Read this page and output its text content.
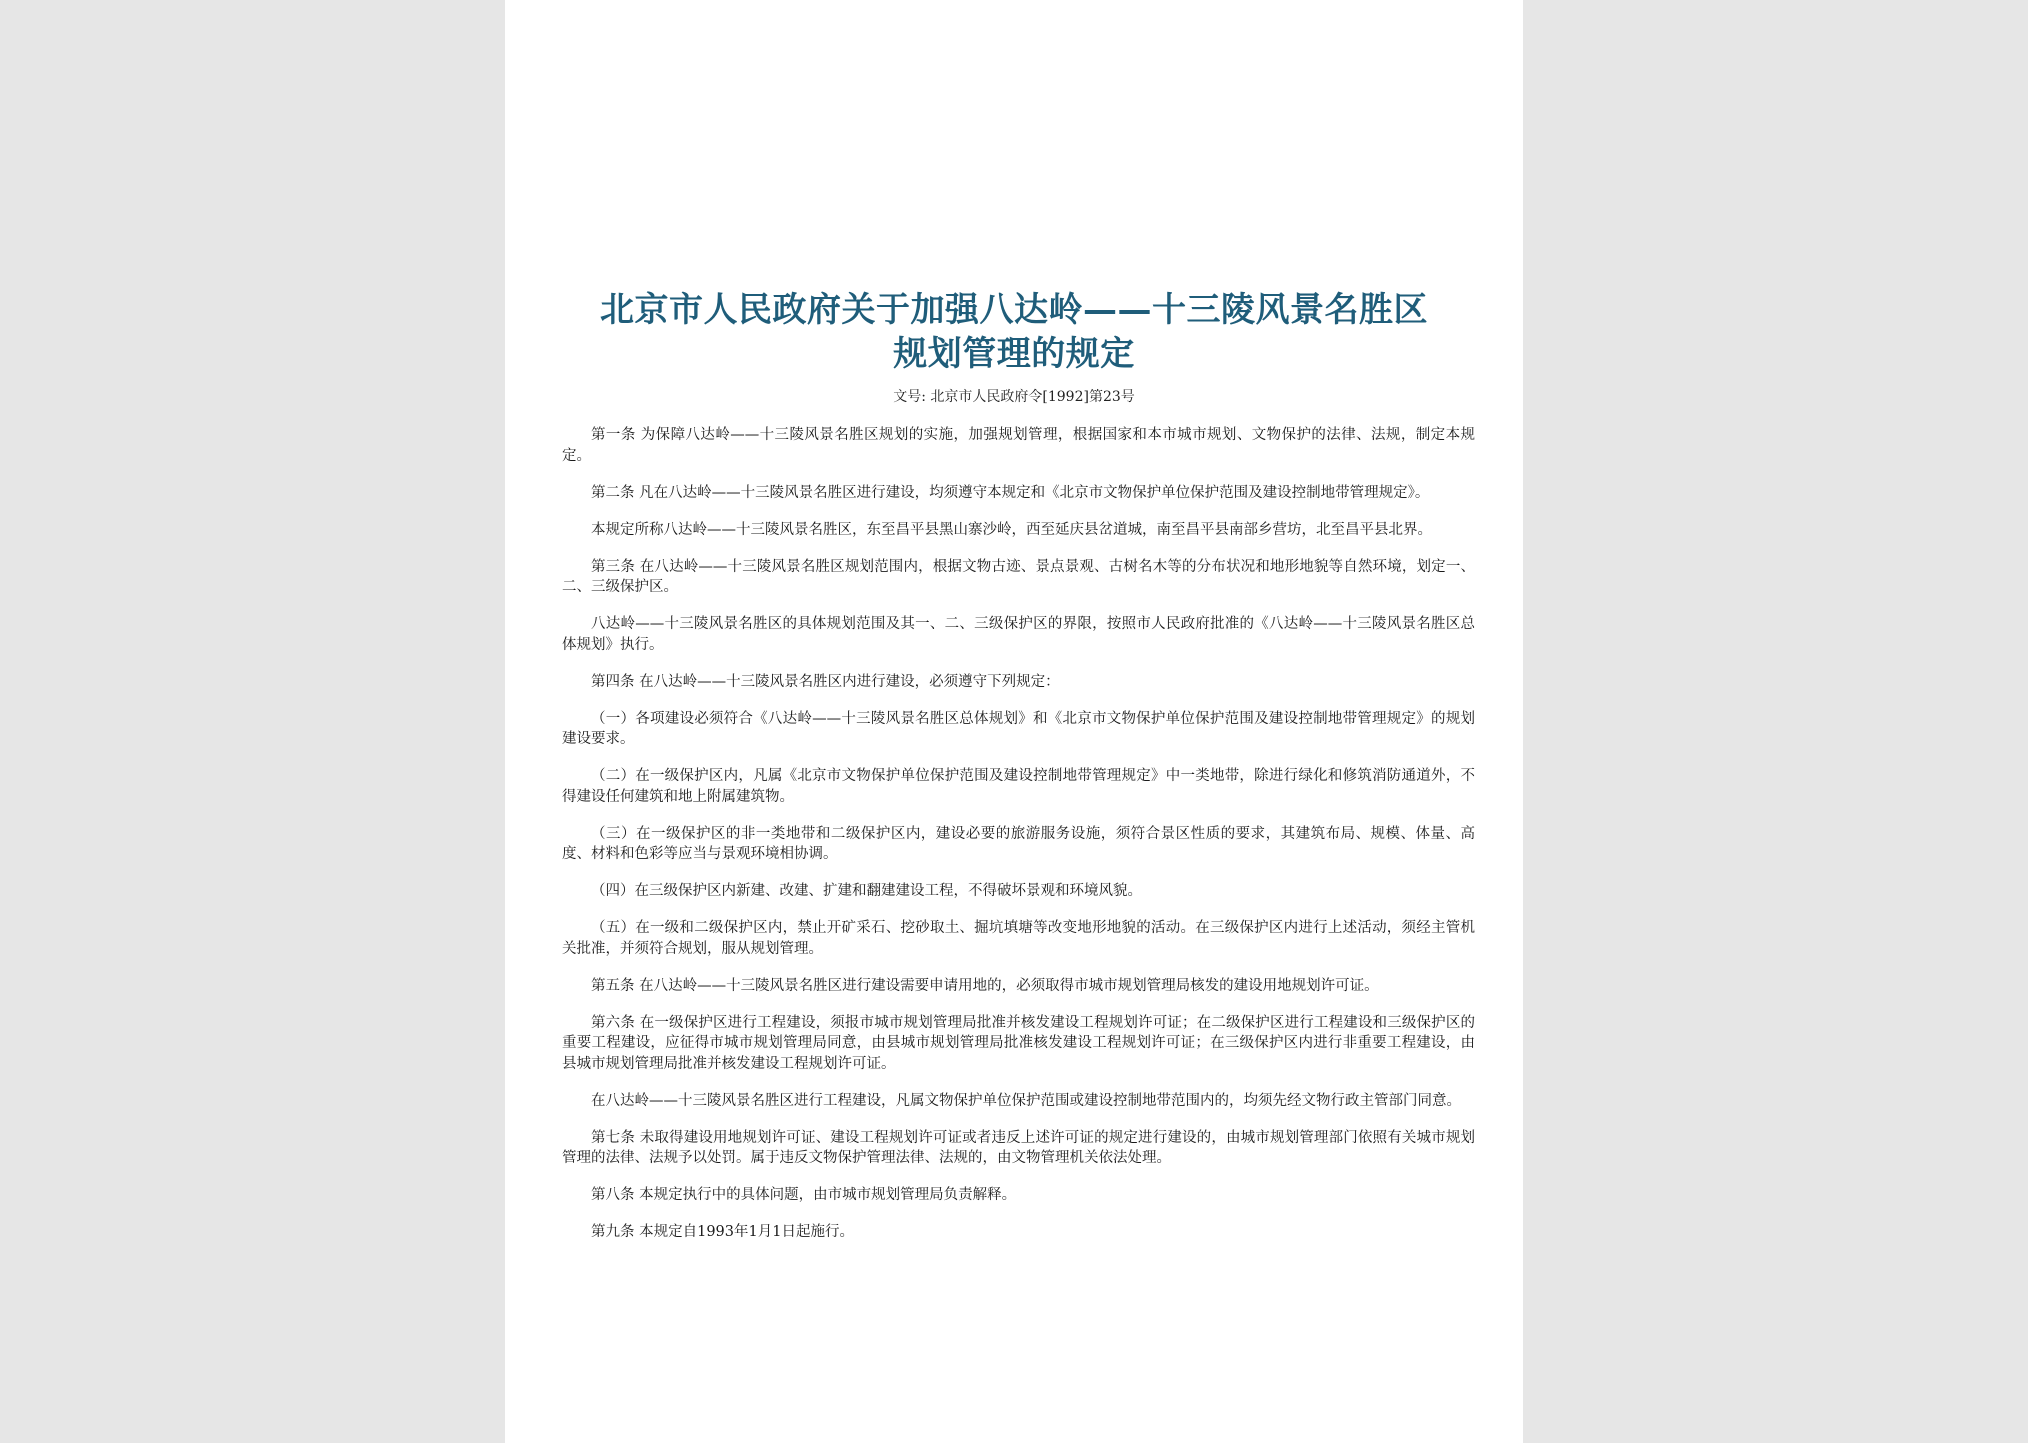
北京市人民政府关于加强八达岭——十三陵风景名胜区
规划管理的规定
文号: 北京市人民政府令[1992]第23号

第一条 为保障八达岭——十三陵风景名胜区规划的实施，加强规划管理，根据国家和本市城市规划、文物保护的法律、法规，制定本规定。

第二条 凡在八达岭——十三陵风景名胜区进行建设，均须遵守本规定和《北京市文物保护单位保护范围及建设控制地带管理规定》。

本规定所称八达岭——十三陵风景名胜区，东至昌平县黑山寨沙岭，西至延庆县岔道城，南至昌平县南部乡营坊，北至昌平县北界。

第三条 在八达岭——十三陵风景名胜区规划范围内，根据文物古迹、景点景观、古树名木等的分布状况和地形地貌等自然环境，划定一、二、三级保护区。

八达岭——十三陵风景名胜区的具体规划范围及其一、二、三级保护区的界限，按照市人民政府批准的《八达岭——十三陵风景名胜区总体规划》执行。

第四条 在八达岭——十三陵风景名胜区内进行建设，必须遵守下列规定：

（一）各项建设必须符合《八达岭——十三陵风景名胜区总体规划》和《北京市文物保护单位保护范围及建设控制地带管理规定》的规划建设要求。

（二）在一级保护区内，凡属《北京市文物保护单位保护范围及建设控制地带管理规定》中一类地带，除进行绿化和修筑消防通道外，不得建设任何建筑和地上附属建筑物。

（三）在一级保护区的非一类地带和二级保护区内，建设必要的旅游服务设施，须符合景区性质的要求，其建筑布局、规模、体量、高度、材料和色彩等应当与景观环境相协调。

（四）在三级保护区内新建、改建、扩建和翻建建设工程，不得破坏景观和环境风貌。

（五）在一级和二级保护区内，禁止开矿采石、挖砂取土、掘坑填塘等改变地形地貌的活动。在三级保护区内进行上述活动，须经主管机关批准，并须符合规划，服从规划管理。

第五条 在八达岭——十三陵风景名胜区进行建设需要申请用地的，必须取得市城市规划管理局核发的建设用地规划许可证。

第六条 在一级保护区进行工程建设，须报市城市规划管理局批准并核发建设工程规划许可证；在二级保护区进行工程建设和三级保护区的重要工程建设，应征得市城市规划管理局同意，由县城市规划管理局批准核发建设工程规划许可证；在三级保护区内进行非重要工程建设，由县城市规划管理局批准并核发建设工程规划许可证。

在八达岭——十三陵风景名胜区进行工程建设，凡属文物保护单位保护范围或建设控制地带范围内的，均须先经文物行政主管部门同意。

第七条 未取得建设用地规划许可证、建设工程规划许可证或者违反上述许可证的规定进行建设的，由城市规划管理部门依照有关城市规划管理的法律、法规予以处罚。属于违反文物保护管理法律、法规的，由文物管理机关依法处理。

第八条 本规定执行中的具体问题，由市城市规划管理局负责解释。

第九条 本规定自1993年1月1日起施行。
